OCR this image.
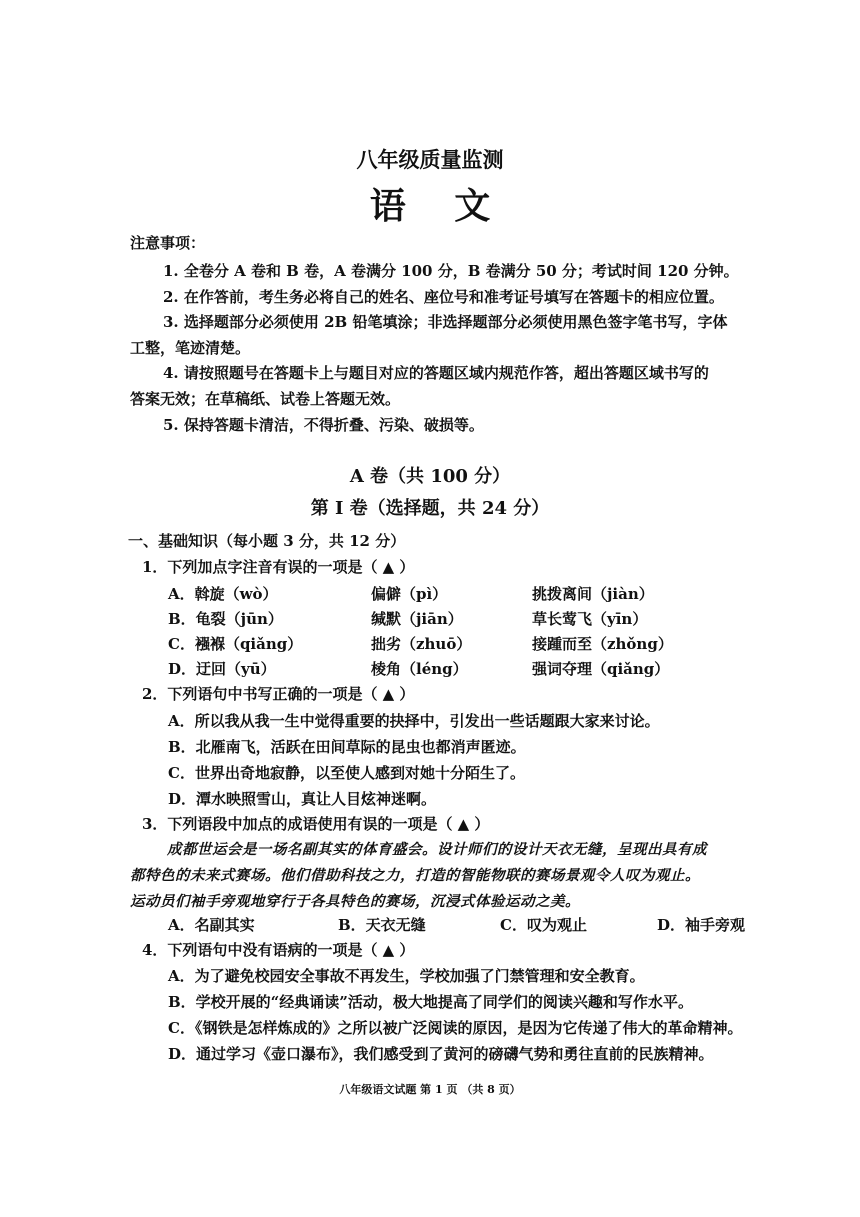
八年级质量监测
语 文
注意事项：
1. 全卷分 A 卷和 B 卷，A 卷满分 100 分，B 卷满分 50 分；考试时间 120 分钟。
2. 在作答前，考生务必将自己的姓名、座位号和准考证号填写在答题卡的相应位置。
3. 选择题部分必须使用 2B 铅笔填涂；非选择题部分必须使用黑色签字笔书写，字体
工整，笔迹清楚。
4. 请按照题号在答题卡上与题目对应的答题区域内规范作答，超出答题区域书写的
答案无效；在草稿纸、试卷上答题无效。
5. 保持答题卡清洁，不得折叠、污染、破损等。
A 卷（共 100 分）
第 I 卷（选择题，共 24 分）
一、基础知识（每小题 3 分，共 12 分）
1．下列加点字注音有误的一项是（ ▲ ）
A．斡旋（wò）	偏僻（pì）	挑拨离间（jiàn）
B．龟裂（jūn）	缄默（jiān）	草长莺飞（yīn）
C．襁褓（qiǎng）	拙劣（zhuō）	接踵而至（zhǒng）
D．迂回（yū）	棱角（léng）	强词夺理（qiǎng）
2．下列语句中书写正确的一项是（ ▲ ）
A．所以我从我一生中觉得重要的抉择中，引发出一些话题跟大家来讨论。
B．北雁南飞，活跃在田间草际的昆虫也都消声匿迹。
C．世界出奇地寂静，以至使人感到对她十分陌生了。
D．潭水映照雪山，真让人目炫神迷啊。
3．下列语段中加点的成语使用有误的一项是（ ▲ ）
成都世运会是一场名副其实的体育盛会。设计师们的设计天衣无缝，呈现出具有成
都特色的未来式赛场。他们借助科技之力，打造的智能物联的赛场景观令人叹为观止。
运动员们袖手旁观地穿行于各具特色的赛场，沉浸式体验运动之美。
A．名副其实	B．天衣无缝	C．叹为观止	D．袖手旁观
4．下列语句中没有语病的一项是（ ▲ ）
A．为了避免校园安全事故不再发生，学校加强了门禁管理和安全教育。
B．学校开展的“经典诵读”活动，极大地提高了同学们的阅读兴趣和写作水平。
C．《钢铁是怎样炼成的》之所以被广泛阅读的原因，是因为它传递了伟大的革命精神。
D．通过学习《壶口瀑布》，我们感受到了黄河的磅礴气势和勇往直前的民族精神。
八年级语文试题 第 1 页 （共 8 页）
